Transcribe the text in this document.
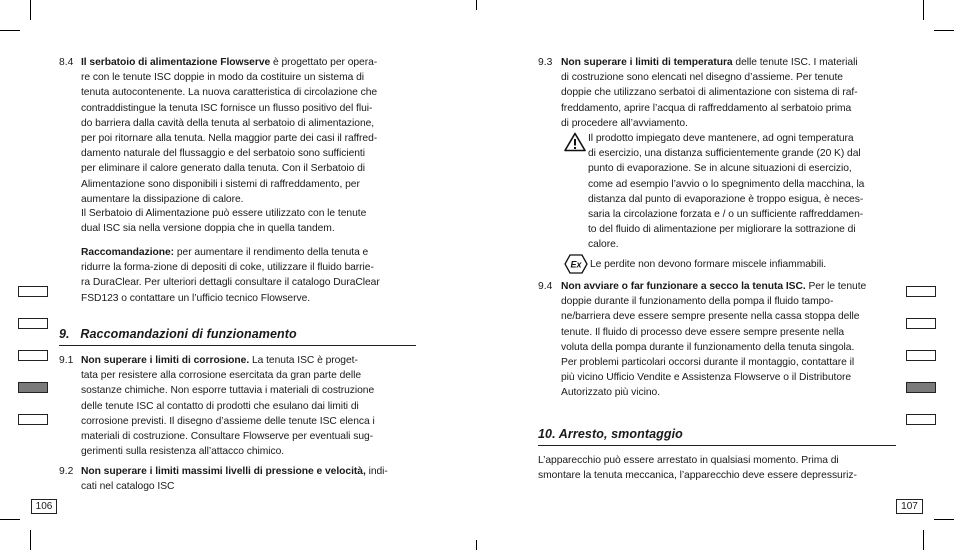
8.4 Il serbatoio di alimentazione Flowserve è progettato per opera-
re con le tenute ISC doppie in modo da costituire un sistema di
tenuta autocontenente. La nuova caratteristica di circolazione che
contraddistingue la tenuta ISC fornisce un flusso positivo del flui-
do barriera dalla cavità della tenuta al serbatoio di alimentazione,
per poi ritornare alla tenuta. Nella maggior parte dei casi il raffred-
damento naturale del flussaggio e del serbatoio sono sufficienti
per eliminare il calore generato dalla tenuta. Con il Serbatoio di
Alimentazione sono disponibili i sistemi di raffreddamento, per
aumentare la dissipazione di calore.
Il Serbatoio di Alimentazione può essere utilizzato con le tenute
dual ISC sia nella versione doppia che in quella tandem.
Raccomandazione: per aumentare il rendimento della tenuta e
ridurre la forma-zione di depositi di coke, utilizzare il fluido barrie-
ra DuraClear. Per ulteriori dettagli consultare il catalogo DuraClear
FSD123 o contattare un l’ufficio tecnico Flowserve.
9.   Raccomandazioni di funzionamento
9.1 Non superare i limiti di corrosione. La tenuta ISC è proget-
tata per resistere alla corrosione esercitata da gran parte delle
sostanze chimiche. Non esporre tuttavia i materiali di costruzione
delle tenute ISC al contatto di prodotti che esulano dai limiti di
corrosione previsti. Il disegno d’assieme delle tenute ISC elenca i
materiali di costruzione. Consultare Flowserve per eventuali sug-
gerimenti sulla resistenza all’attacco chimico.
9.2 Non superare i limiti massimi livelli di pressione e velocità, indi-
cati nel catalogo ISC
106
9.3 Non superare i limiti di temperatura delle tenute ISC. I materiali
di costruzione sono elencati nel disegno d’assieme. Per tenute
doppie che utilizzano serbatoi di alimentazione con sistema di raf-
freddamento, aprire l’acqua di raffreddamento al serbatoio prima
di procedere all’avviamento.
Il prodotto impiegato deve mantenere, ad ogni temperatura
di esercizio, una distanza sufficientemente grande (20 K) dal
punto di evaporazione. Se in alcune situazioni di esercizio,
come ad esempio l’avvio o lo spegnimento della macchina, la
distanza dal punto di evaporazione è troppo esigua, è neces-
saria la circolazione forzata e / o un sufficiente raffreddamen-
to del fluido di alimentazione per migliorare la sottrazione di
calore.
Ex Le perdite non devono formare miscele infiammabili.
9.4 Non avviare o far funzionare a secco la tenuta ISC. Per le tenute
doppie durante il funzionamento della pompa il fluido tampo-
ne/barriera deve essere sempre presente nella cassa stoppa delle
tenute. Il fluido di processo deve essere sempre presente nella
voluta della pompa durante il funzionamento della tenuta singola.
Per problemi particolari occorsi durante il montaggio, contattare il
più vicino Ufficio Vendite e Assistenza Flowserve o il Distributore
Autorizzato più vicino.
10. Arresto, smontaggio
L’apparecchio può essere arrestato in qualsiasi momento. Prima di
smontare la tenuta meccanica, l’apparecchio deve essere depressuriz-
107
